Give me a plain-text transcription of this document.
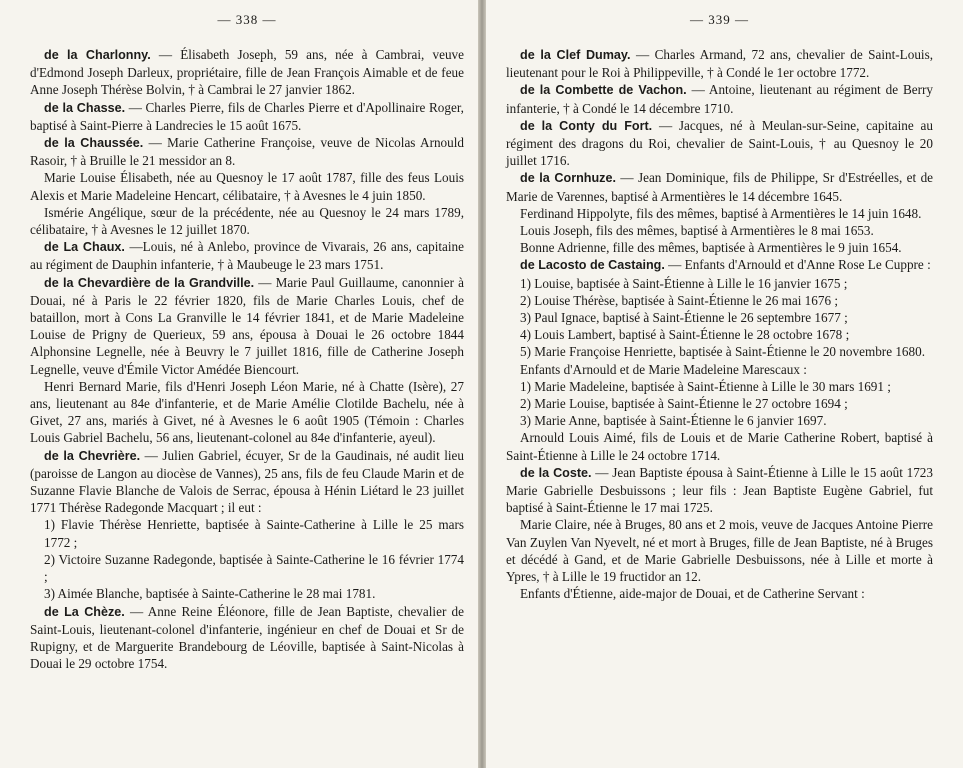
— 338 —

de la Charlonny. — Élisabeth Joseph, 59 ans, née à Cambrai, veuve d'Edmond Joseph Darleux, propriétaire, fille de Jean François Aimable et de feue Anne Joseph Thérèse Bolvin, † à Cambrai le 27 janvier 1862.

de la Chasse. — Charles Pierre, fils de Charles Pierre et d'Apollinaire Roger, baptisé à Saint-Pierre à Landrecies le 15 août 1675.

de la Chaussée. — Marie Catherine Françoise, veuve de Nicolas Arnould Rasoir, † à Bruille le 21 messidor an 8.

Marie Louise Élisabeth, née au Quesnoy le 17 août 1787, fille des feus Louis Alexis et Marie Madeleine Hencart, célibataire, † à Avesnes le 4 juin 1850.

Ismérie Angélique, sœur de la précédente, née au Quesnoy le 24 mars 1789, célibataire, † à Avesnes le 12 juillet 1870.

de La Chaux. —Louis, né à Anlebo, province de Vivarais, 26 ans, capitaine au régiment de Dauphin infanterie, † à Maubeuge le 23 mars 1751.

de la Chevardière de la Grandville. — Marie Paul Guillaume, canonnier à Douai, né à Paris le 22 février 1820, fils de Marie Charles Louis, chef de bataillon, mort à Cons La Granville le 14 février 1841, et de Marie Madeleine Louise de Prigny de Querieux, 59 ans, épousa à Douai le 26 octobre 1844 Alphonsine Legnelle, née à Beuvry le 7 juillet 1816, fille de Catherine Joseph Legnelle, veuve d'Émile Victor Amédée Biencourt.

Henri Bernard Marie, fils d'Henri Joseph Léon Marie, né à Chatte (Isère), 27 ans, lieutenant au 84e d'infanterie, et de Marie Amélie Clotilde Bachelu, née à Givet, 27 ans, mariés à Givet, né à Avesnes le 6 août 1905 (Témoin : Charles Louis Gabriel Bachelu, 56 ans, lieutenant-colonel au 84e d'infanterie, ayeul).

de la Chevrière. — Julien Gabriel, écuyer, Sr de la Gaudinais, né audit lieu (paroisse de Langon au diocèse de Vannes), 25 ans, fils de feu Claude Marin et de Suzanne Flavie Blanche de Valois de Serrac, épousa à Hénin Liétard le 23 juillet 1771 Thérèse Radegonde Macquart ; il eut :

1) Flavie Thérèse Henriette, baptisée à Sainte-Catherine à Lille le 25 mars 1772 ;

2) Victoire Suzanne Radegonde, baptisée à Sainte-Catherine le 16 février 1774 ;

3) Aimée Blanche, baptisée à Sainte-Catherine le 28 mai 1781.

de La Chèze. — Anne Reine Éléonore, fille de Jean Baptiste, chevalier de Saint-Louis, lieutenant-colonel d'infanterie, ingénieur en chef de Douai et Sr de Rupigny, et de Marguerite Brandebourg de Léoville, baptisée à Saint-Nicolas à Douai le 29 octobre 1754.

— 339 —

de la Clef Dumay. — Charles Armand, 72 ans, chevalier de Saint-Louis, lieutenant pour le Roi à Philippeville, † à Condé le 1er octobre 1772.

de la Combette de Vachon. — Antoine, lieutenant au régiment de Berry infanterie, † à Condé le 14 décembre 1710.

de la Conty du Fort. — Jacques, né à Meulan-sur-Seine, capitaine au régiment des dragons du Roi, chevalier de Saint-Louis, † au Quesnoy le 20 juillet 1716.

de la Cornhuze. — Jean Dominique, fils de Philippe, Sr d'Estréelles, et de Marie de Varennes, baptisé à Armentières le 14 décembre 1645.

Ferdinand Hippolyte, fils des mêmes, baptisé à Armentières le 14 juin 1648.

Louis Joseph, fils des mêmes, baptisé à Armentières le 8 mai 1653.

Bonne Adrienne, fille des mêmes, baptisée à Armentières le 9 juin 1654.

de Lacosto de Castaing. — Enfants d'Arnould et d'Anne Rose Le Cuppre :

1) Louise, baptisée à Saint-Étienne à Lille le 16 janvier 1675 ;

2) Louise Thérèse, baptisée à Saint-Étienne le 26 mai 1676 ;

3) Paul Ignace, baptisé à Saint-Étienne le 26 septembre 1677 ;

4) Louis Lambert, baptisé à Saint-Étienne le 28 octobre 1678 ;

5) Marie Françoise Henriette, baptisée à Saint-Étienne le 20 novembre 1680.

Enfants d'Arnould et de Marie Madeleine Marescaux :

1) Marie Madeleine, baptisée à Saint-Étienne à Lille le 30 mars 1691 ;

2) Marie Louise, baptisée à Saint-Étienne le 27 octobre 1694 ;

3) Marie Anne, baptisée à Saint-Étienne le 6 janvier 1697.

Arnould Louis Aimé, fils de Louis et de Marie Catherine Robert, baptisé à Saint-Étienne à Lille le 24 octobre 1714.

de la Coste. — Jean Baptiste épousa à Saint-Étienne à Lille le 15 août 1723 Marie Gabrielle Desbuissons ; leur fils : Jean Baptiste Eugène Gabriel, fut baptisé à Saint-Étienne le 17 mai 1725.

Marie Claire, née à Bruges, 80 ans et 2 mois, veuve de Jacques Antoine Pierre Van Zuylen Van Nyevelt, né et mort à Bruges, fille de Jean Baptiste, né à Bruges et décédé à Gand, et de Marie Gabrielle Desbuissons, née à Lille et morte à Ypres, † à Lille le 19 fructidor an 12.

Enfants d'Étienne, aide-major de Douai, et de Catherine Servant :
